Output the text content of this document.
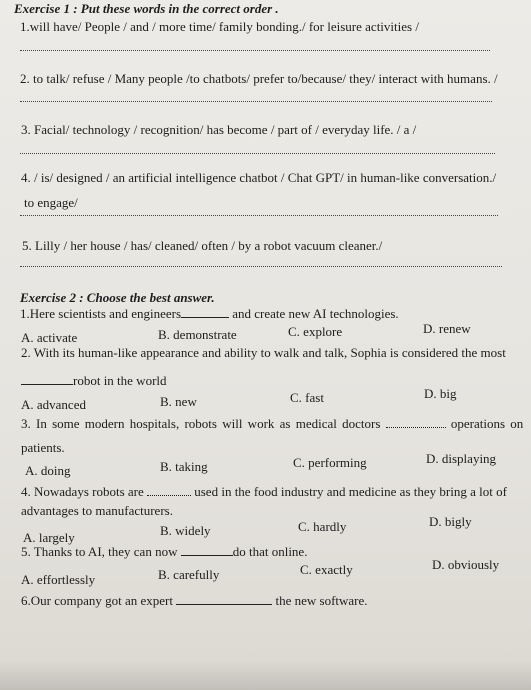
Exercise 1 : Put these words in the correct order .
1.will have/ People / and / more time/ family bonding./ for leisure activities /
2. to talk/ refuse / Many people /to chatbots/ prefer to/because/ they/ interact with humans. /
3. Facial/ technology / recognition/ has become / part of / everyday life. / a /
4. / is/ designed / an artificial intelligence chatbot / Chat GPT/ in human-like conversation./
to engage/
5. Lilly / her house / has/ cleaned/ often / by a robot vacuum cleaner./
Exercise 2 : Choose the best answer.
1.Here scientists and engineers	and create new AI technologies.
A. activate	B. demonstrate	C. explore	D. renew
2. With its human-like appearance and ability to walk and talk, Sophia is considered the most
robot in the world
A. advanced	B. new	C. fast	D. big
3. In some modern hospitals, robots will work as medical doctors	operations on
patients.
A. doing	B. taking	C. performing	D. displaying
4. Nowadays robots are	used in the food industry and medicine as they bring a lot of
advantages to manufacturers.
A. largely	B. widely	C. hardly	D. bigly
5. Thanks to AI, they can now	do that online.
A. effortlessly	B. carefully	C. exactly	D. obviously
6.Our company got an expert	the new software.
